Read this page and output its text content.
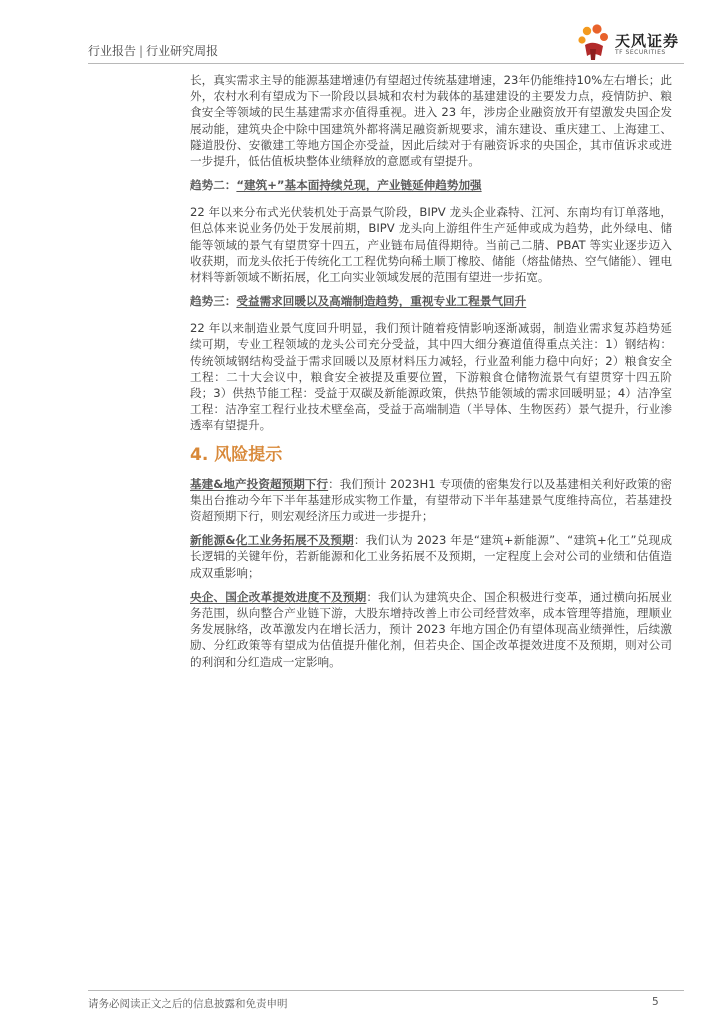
行业报告 | 行业研究周报
天风证券
TF SECURITIES

长，真实需求主导的能源基建增速仍有望超过传统基建增速，23年仍能维持10%左右增长；此外，农村水利有望成为下一阶段以县城和农村为载体的基建建设的主要发力点，疫情防护、粮食安全等领域的民生基建需求亦值得重视。进入 23 年，涉房企业融资放开有望激发央国企发展动能，建筑央企中除中国建筑外都将满足融资新规要求，浦东建设、重庆建工、上海建工、隧道股份、安徽建工等地方国企亦受益，因此后续对于有融资诉求的央国企，其市值诉求或进一步提升，低估值板块整体业绩释放的意愿或有望提升。

趋势二：“建筑+”基本面持续兑现，产业链延伸趋势加强

22 年以来分布式光伏装机处于高景气阶段，BIPV 龙头企业森特、江河、东南均有订单落地，但总体来说业务仍处于发展前期，BIPV 龙头向上游组件生产延伸或成为趋势，此外绿电、储能等领域的景气有望贯穿十四五，产业链布局值得期待。当前己二腈、PBAT 等实业逐步迈入收获期，而龙头依托于传统化工工程优势向稀土顺丁橡胶、储能（熔盐储热、空气储能）、锂电材料等新领域不断拓展，化工向实业领域发展的范围有望进一步拓宽。

趋势三：受益需求回暖以及高端制造趋势，重视专业工程景气回升

22 年以来制造业景气度回升明显，我们预计随着疫情影响逐渐减弱，制造业需求复苏趋势延续可期，专业工程领域的龙头公司充分受益，其中四大细分赛道值得重点关注：1）钢结构：传统领域钢结构受益于需求回暖以及原材料压力减轻，行业盈利能力稳中向好；2）粮食安全工程：二十大会议中，粮食安全被提及重要位置，下游粮食仓储物流景气有望贯穿十四五阶段；3）供热节能工程：受益于双碳及新能源政策，供热节能领域的需求回暖明显；4）洁净室工程：洁净室工程行业技术壁垒高，受益于高端制造（半导体、生物医药）景气提升，行业渗透率有望提升。

4. 风险提示

基建&地产投资超预期下行：我们预计 2023H1 专项债的密集发行以及基建相关利好政策的密集出台推动今年下半年基建形成实物工作量，有望带动下半年基建景气度维持高位，若基建投资超预期下行，则宏观经济压力或进一步提升；

新能源&化工业务拓展不及预期：我们认为 2023 年是“建筑+新能源”、“建筑+化工”兑现成长逻辑的关键年份，若新能源和化工业务拓展不及预期，一定程度上会对公司的业绩和估值造成双重影响；

央企、国企改革提效进度不及预期：我们认为建筑央企、国企积极进行变革，通过横向拓展业务范围，纵向整合产业链下游，大股东增持改善上市公司经营效率，成本管理等措施，理顺业务发展脉络，改革激发内在增长活力，预计 2023 年地方国企仍有望体现高业绩弹性，后续激励、分红政策等有望成为估值提升催化剂，但若央企、国企改革提效进度不及预期，则对公司的利润和分红造成一定影响。

请务必阅读正文之后的信息披露和免责申明	5
